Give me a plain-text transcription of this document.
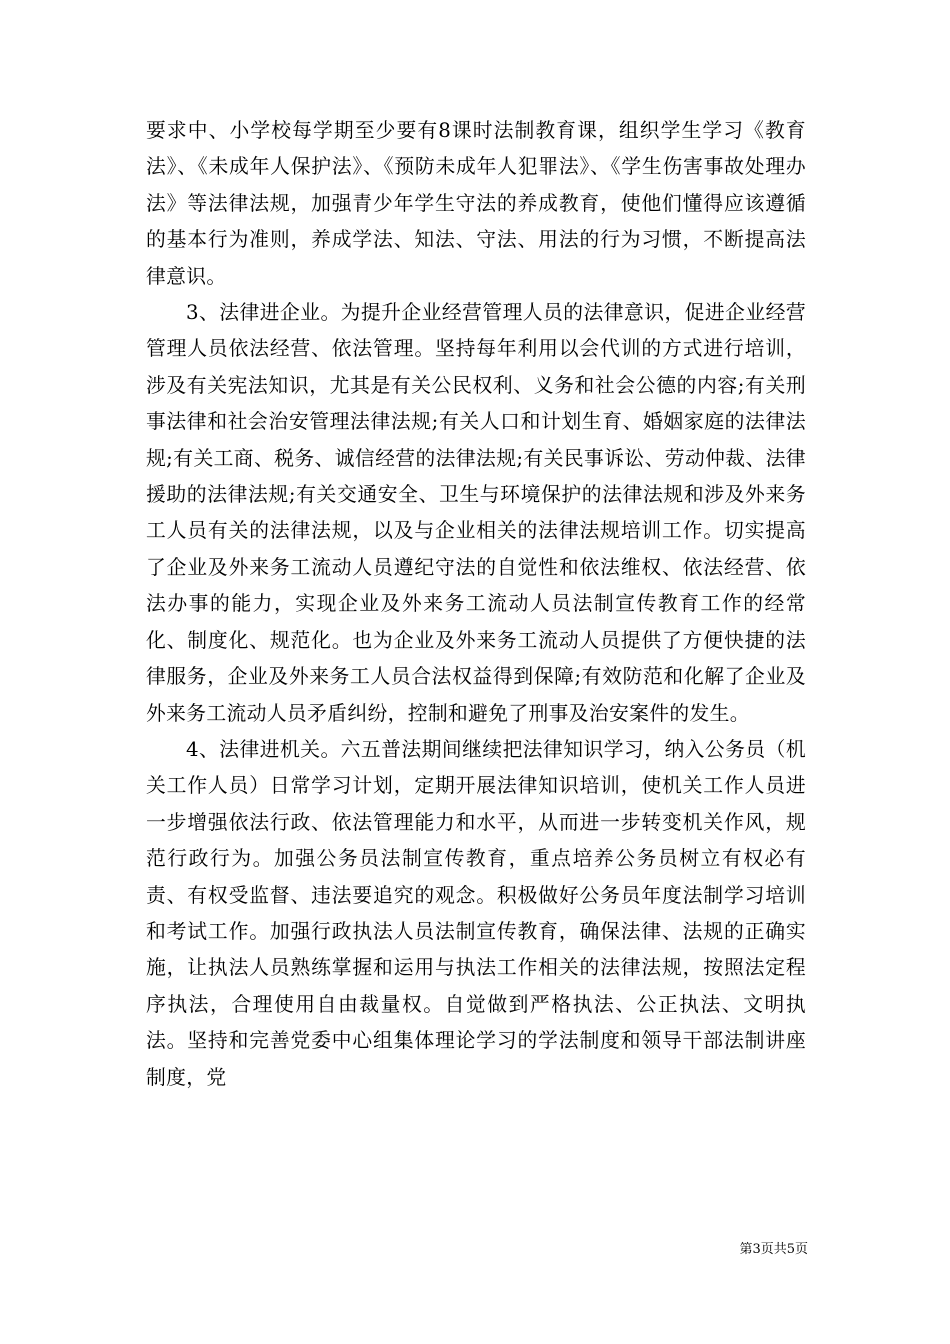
要求中、小学校每学期至少要有8课时法制教育课，组织学生学习《教育法》、《未成年人保护法》、《预防未成年人犯罪法》、《学生伤害事故处理办法》等法律法规，加强青少年学生守法的养成教育，使他们懂得应该遵循的基本行为准则，养成学法、知法、守法、用法的行为习惯，不断提高法律意识。

3、法律进企业。为提升企业经营管理人员的法律意识，促进企业经营管理人员依法经营、依法管理。坚持每年利用以会代训的方式进行培训，涉及有关宪法知识，尤其是有关公民权利、义务和社会公德的内容;有关刑事法律和社会治安管理法律法规;有关人口和计划生育、婚姻家庭的法律法规;有关工商、税务、诚信经营的法律法规;有关民事诉讼、劳动仲裁、法律援助的法律法规;有关交通安全、卫生与环境保护的法律法规和涉及外来务工人员有关的法律法规，以及与企业相关的法律法规培训工作。切实提高了企业及外来务工流动人员遵纪守法的自觉性和依法维权、依法经营、依法办事的能力，实现企业及外来务工流动人员法制宣传教育工作的经常化、制度化、规范化。也为企业及外来务工流动人员提供了方便快捷的法律服务，企业及外来务工人员合法权益得到保障;有效防范和化解了企业及外来务工流动人员矛盾纠纷，控制和避免了刑事及治安案件的发生。

4、法律进机关。六五普法期间继续把法律知识学习，纳入公务员（机关工作人员）日常学习计划，定期开展法律知识培训，使机关工作人员进一步增强依法行政、依法管理能力和水平，从而进一步转变机关作风，规范行政行为。加强公务员法制宣传教育，重点培养公务员树立有权必有责、有权受监督、违法要追究的观念。积极做好公务员年度法制学习培训和考试工作。加强行政执法人员法制宣传教育，确保法律、法规的正确实施，让执法人员熟练掌握和运用与执法工作相关的法律法规，按照法定程序执法，合理使用自由裁量权。自觉做到严格执法、公正执法、文明执法。坚持和完善党委中心组集体理论学习的学法制度和领导干部法制讲座制度，党

第3页共5页
